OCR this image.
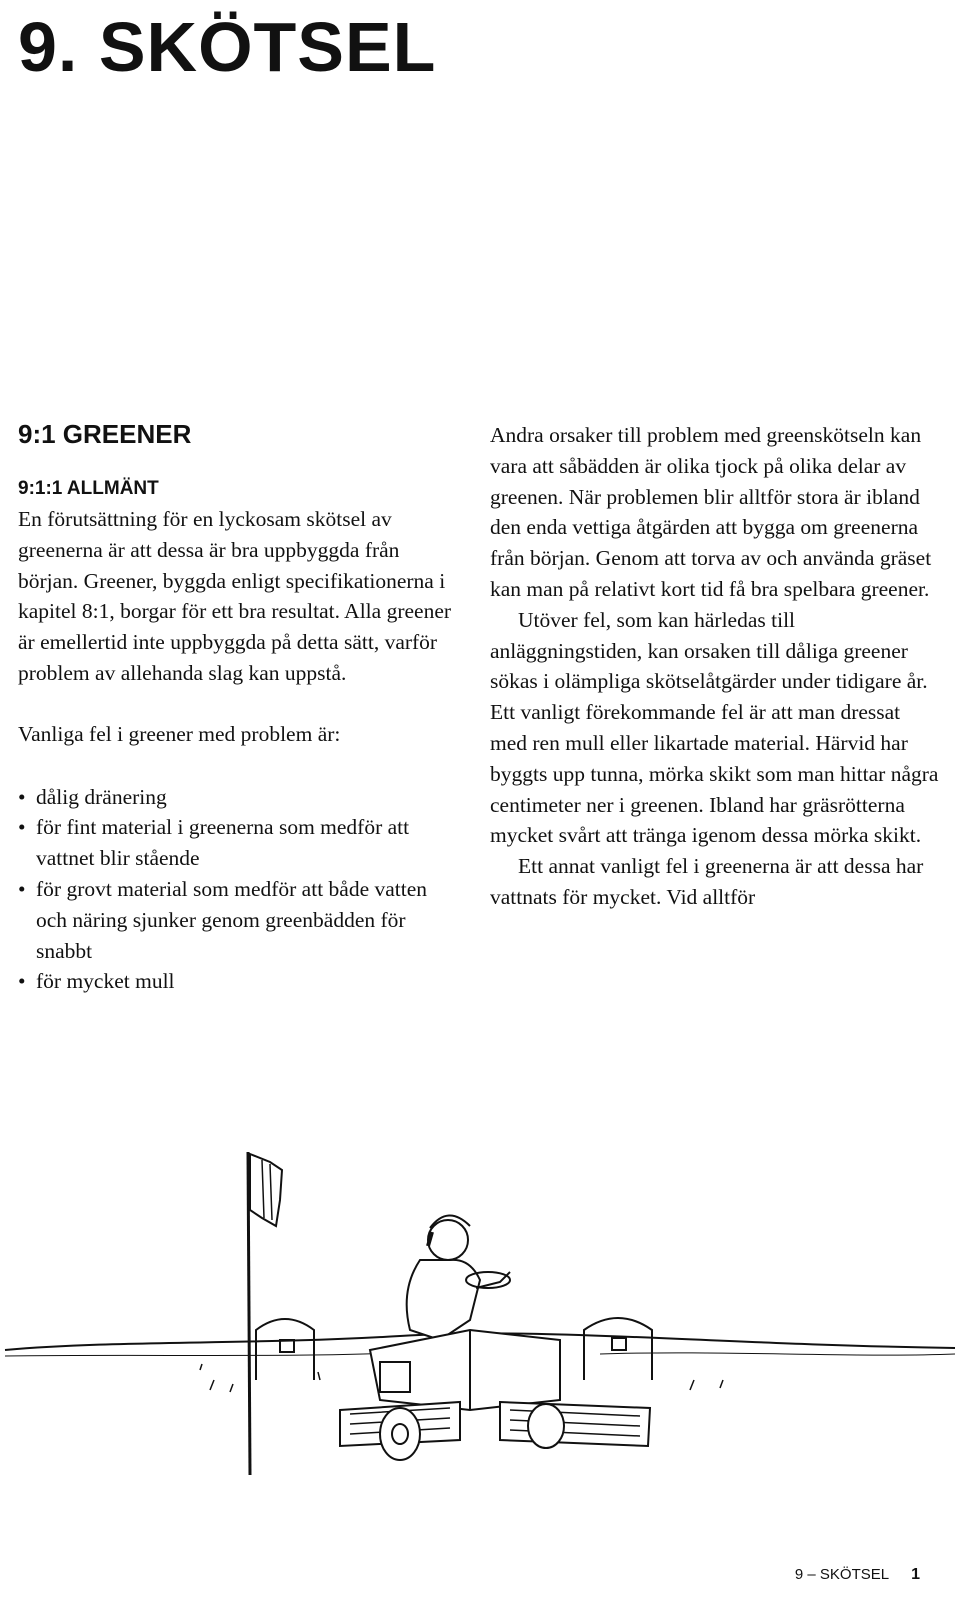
9. SKÖTSEL
9:1 GREENER
9:1:1 ALLMÄNT

En förutsättning för en lyckosam skötsel av greenerna är att dessa är bra uppbyggda från början. Greener, byggda enligt specifikationerna i kapitel 8:1, borgar för ett bra resultat. Alla greener är emellertid inte uppbyggda på detta sätt, varför problem av allehanda slag kan uppstå.

Vanliga fel i greener med problem är:

• dålig dränering
• för fint material i greenerna som medför att vattnet blir stående
• för grovt material som medför att både vatten och näring sjunker genom greenbädden för snabbt
• för mycket mull

Andra orsaker till problem med greenskötseln kan vara att såbädden är olika tjock på olika delar av greenen. När problemen blir alltför stora är ibland den enda vettiga åtgärden att bygga om greenerna från början. Genom att torva av och använda gräset kan man på relativt kort tid få bra spelbara greener.

Utöver fel, som kan härledas till anläggningstiden, kan orsaken till dåliga greener sökas i olämpliga skötselåtgärder under tidigare år. Ett vanligt förekommande fel är att man dressat med ren mull eller likartade material. Härvid har byggts upp tunna, mörka skikt som man hittar några centimeter ner i greenen. Ibland har gräsrötterna mycket svårt att tränga igenom dessa mörka skikt.

Ett annat vanligt fel i greenerna är att dessa har vattnats för mycket. Vid alltför

9 – SKÖTSEL 1
